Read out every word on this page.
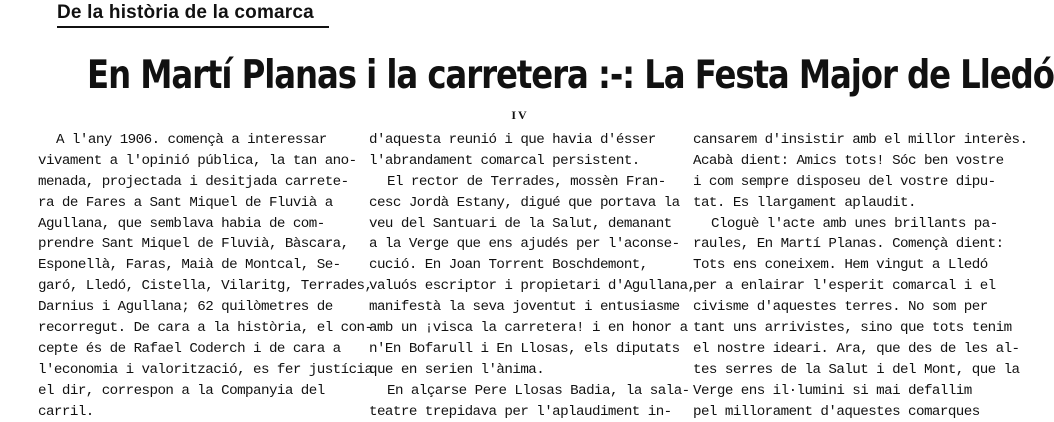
De la història de la comarca
En Martí Planas i la carretera :-: La Festa Major de Lledó
IV
A l'any 1906. començà a interessar
vivament a l'opinió pública, la tan ano-
menada, projectada i desitjada carrete-
ra de Fares a Sant Miquel de Fluvià a
Agullana, que semblava habia de com-
prendre Sant Miquel de Fluvià, Bàscara,
Esponellà, Faras, Maià de Montcal, Se-
garó, Lledó, Cistella, Vilaritg, Terrades,
Darnius i Agullana; 62 quilòmetres de
recorregut. De cara a la història, el con-
cepte és de Rafael Coderch i de cara a
l'economia i valorització, es fer justícia
el dir, correspon a la Companyia del
carril.
d'aquesta reunió i que havia d'ésser
l'abrandament comarcal persistent.
El rector de Terrades, mossèn Fran-
cesc Jordà Estany, digué que portava la
veu del Santuari de la Salut, demanant
a la Verge que ens ajudés per l'aconse-
cució. En Joan Torrent Boschdemont,
valuós escriptor i propietari d'Agullana,
manifestà la seva joventut i entusiasme
amb un ¡visca la carretera! i en honor a
n'En Bofarull i En Llosas, els diputats
que en serien l'ànima.
En alçarse Pere Llosas Badia, la sala-
teatre trepidava per l'aplaudiment in-
cansarem d'insistir amb el millor interès.
Acabà dient: Amics tots! Sóc ben vostre
i com sempre disposeu del vostre dipu-
tat. Es llargament aplaudit.
Cloguè l'acte amb unes brillants pa-
raules, En Martí Planas. Començà dient:
Tots ens coneixem. Hem vingut a Lledó
per a enlairar l'esperit comarcal i el
civisme d'aquestes terres. No som per
tant uns arrivistes, sino que tots tenim
el nostre ideari. Ara, que des de les al-
tes serres de la Salut i del Mont, que la
Verge ens il·lumini si mai defallim
pel millorament d'aquestes comarques
